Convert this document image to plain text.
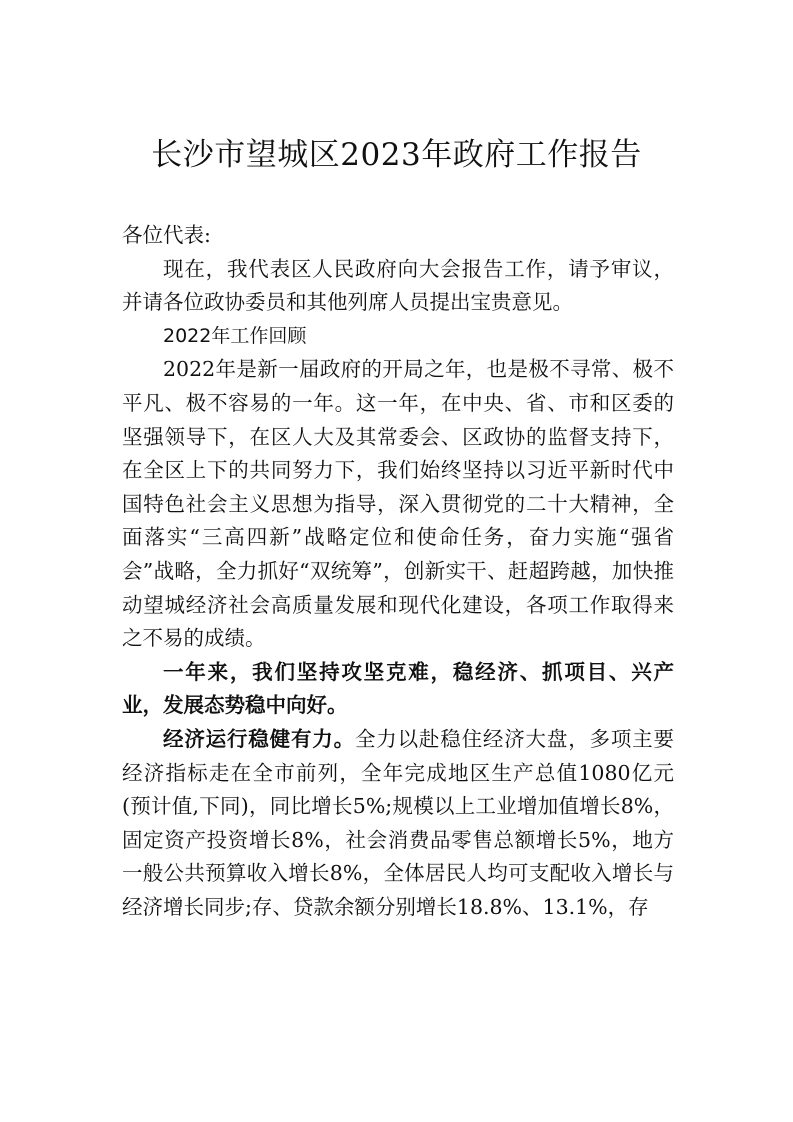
长沙市望城区2023年政府工作报告

各位代表:

现在，我代表区人民政府向大会报告工作，请予审议，并请各位政协委员和其他列席人员提出宝贵意见。

2022年工作回顾

2022年是新一届政府的开局之年，也是极不寻常、极不平凡、极不容易的一年。这一年，在中央、省、市和区委的坚强领导下，在区人大及其常委会、区政协的监督支持下，在全区上下的共同努力下，我们始终坚持以习近平新时代中国特色社会主义思想为指导，深入贯彻党的二十大精神，全面落实“三高四新”战略定位和使命任务，奋力实施“强省会”战略，全力抓好“双统筹”，创新实干、赶超跨越，加快推动望城经济社会高质量发展和现代化建设，各项工作取得来之不易的成绩。

一年来，我们坚持攻坚克难，稳经济、抓项目、兴产业，发展态势稳中向好。

经济运行稳健有力。全力以赴稳住经济大盘，多项主要经济指标走在全市前列，全年完成地区生产总值1080亿元(预计值,下同)，同比增长5%;规模以上工业增加值增长8%，固定资产投资增长8%，社会消费品零售总额增长5%，地方一般公共预算收入增长8%，全体居民人均可支配收入增长与经济增长同步;存、贷款余额分别增长18.8%、13.1%，存
